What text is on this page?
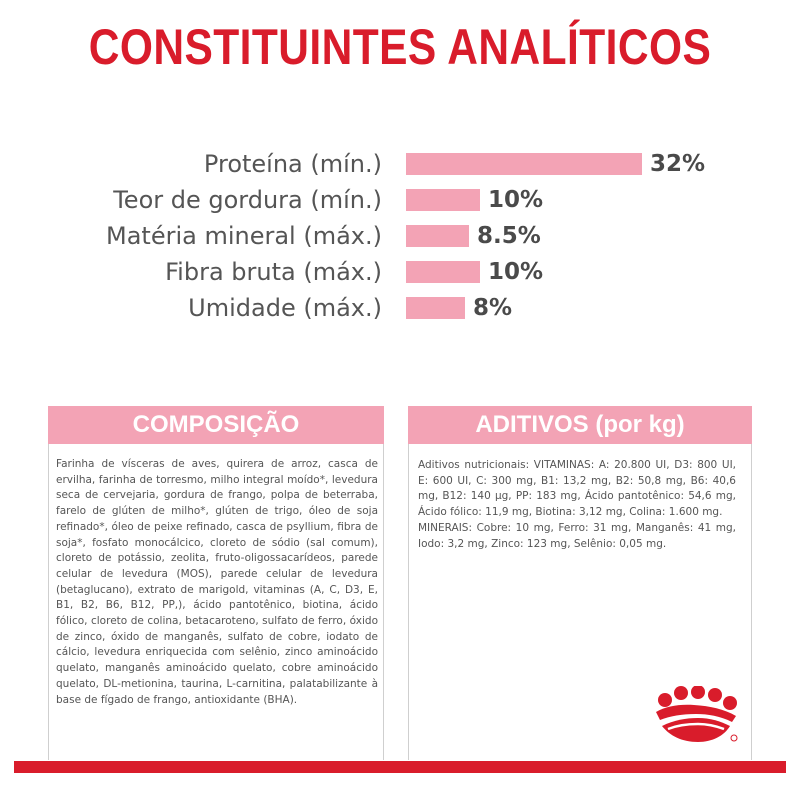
CONSTITUINTES ANALÍTICOS
Proteína (mín.)	32%
Teor de gordura (mín.)	10%
Matéria mineral (máx.)	8.5%
Fibra bruta (máx.)	10%
Umidade (máx.)	8%
COMPOSIÇÃO
Farinha de vísceras de aves, quirera de arroz, casca de ervilha, farinha de torresmo, milho integral moído*, levedura seca de cervejaria, gordura de frango, polpa de beterraba, farelo de glúten de milho*, glúten de trigo, óleo de soja refinado*, óleo de peixe refinado, casca de psyllium, fibra de soja*, fosfato monocálcico, cloreto de sódio (sal comum), cloreto de potássio, zeolita, fruto-oligossacarídeos, parede celular de levedura (MOS), parede celular de levedura (betaglucano), extrato de marigold, vitaminas (A, C, D3, E, B1, B2, B6, B12, PP,), ácido pantotênico, biotina, ácido fólico, cloreto de colina, betacaroteno, sulfato de ferro, óxido de zinco, óxido de manganês, sulfato de cobre, iodato de cálcio, levedura enriquecida com selênio, zinco aminoácido quelato, manganês aminoácido quelato, cobre aminoácido quelato, DL-metionina, taurina, L-carnitina, palatabilizante à base de fígado de frango, antioxidante (BHA).
ADITIVOS (por kg)
Aditivos nutricionais: VITAMINAS: A: 20.800 UI, D3: 800 UI, E: 600 UI, C: 300 mg, B1: 13,2 mg, B2: 50,8 mg, B6: 40,6 mg, B12: 140 µg, PP: 183 mg, Ácido pantotênico: 54,6 mg, Ácido fólico: 11,9 mg, Biotina: 3,12 mg, Colina: 1.600 mg.
MINERAIS: Cobre: 10 mg, Ferro: 31 mg, Manganês: 41 mg, Iodo: 3,2 mg, Zinco: 123 mg, Selênio: 0,05 mg.
